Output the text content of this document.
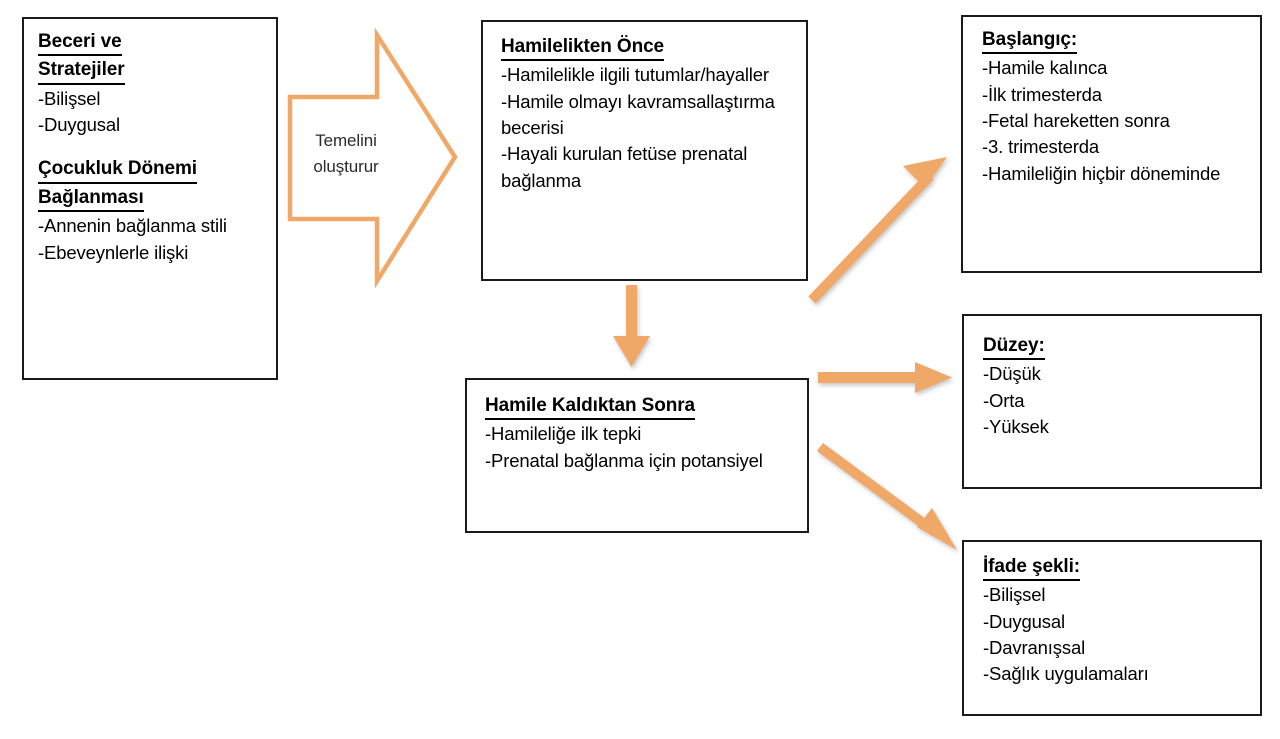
Temelini
oluşturur
Beceri ve
Stratejiler
-Bilişsel
-Duygusal
Çocukluk Dönemi
Bağlanması
-Annenin bağlanma stili
-Ebeveynlerle ilişki
Hamilelikten Önce
-Hamilelikle ilgili tutumlar/hayaller
-Hamile olmayı kavramsallaştırma becerisi
-Hayali kurulan fetüse prenatal bağlanma
Başlangıç:
-Hamile kalınca
-İlk trimesterda
-Fetal hareketten sonra
-3. trimesterda
-Hamileliğin hiçbir döneminde
Hamile Kaldıktan Sonra
-Hamileliğe ilk tepki
-Prenatal bağlanma için potansiyel
Düzey:
-Düşük
-Orta
-Yüksek
İfade şekli:
-Bilişsel
-Duygusal
-Davranışsal
-Sağlık uygulamaları
